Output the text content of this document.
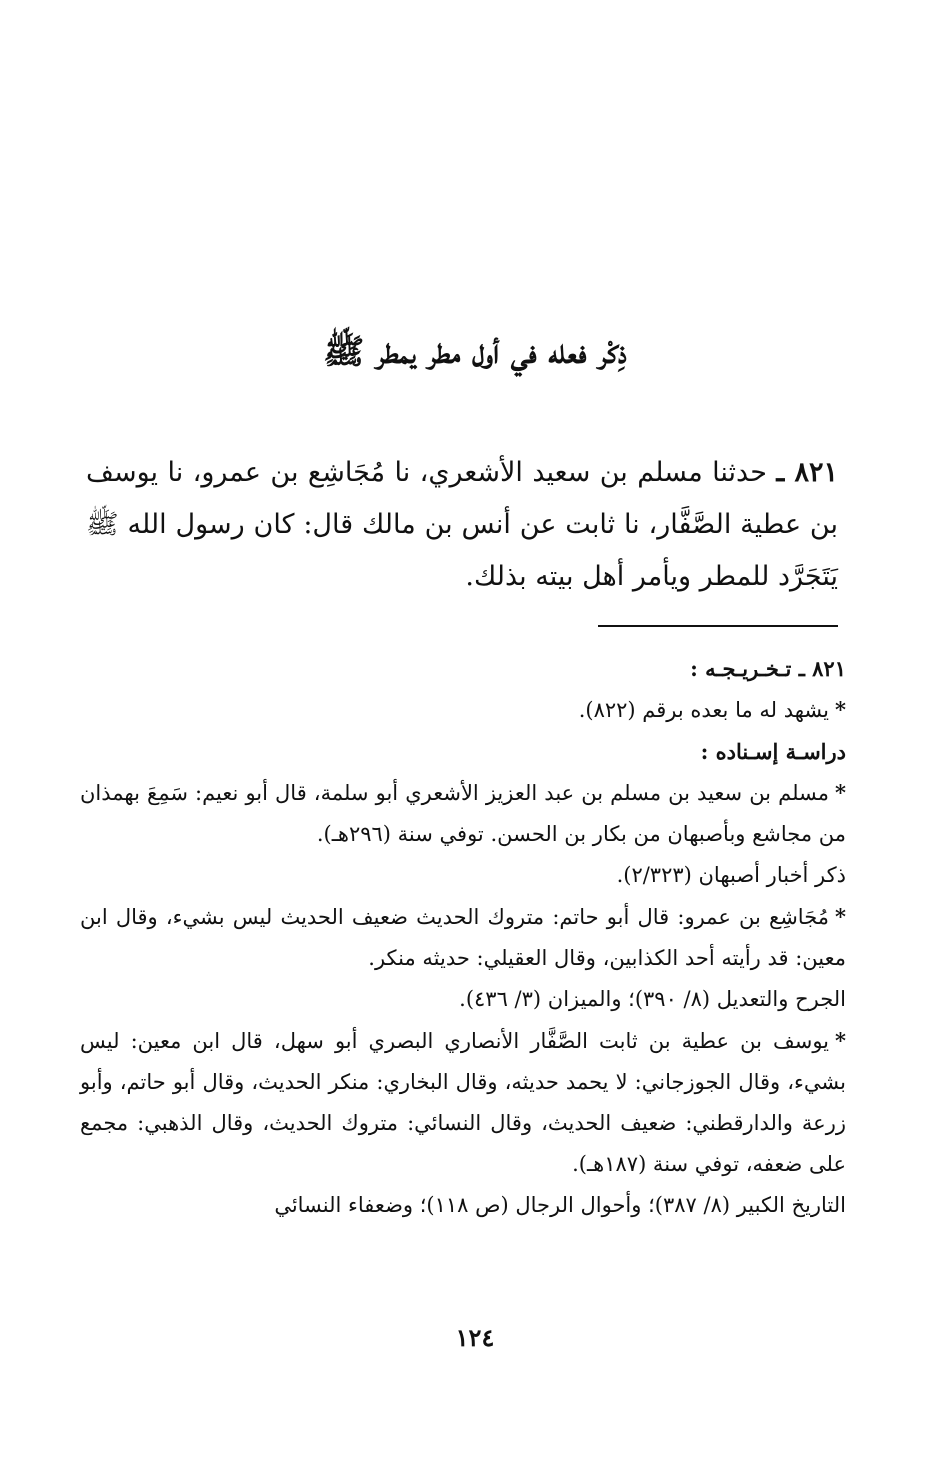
ذِكْر فعله في أول مطر يمطر ﷺ
٨٢١ ـ حدثنا مسلم بن سعيد الأشعري، نا مُجَاشِع بن عمرو، نا يوسف بن عطية الصَّفَّار، نا ثابت عن أنس بن مالك قال: كان رسول الله ﷺ يَتَجَرَّد للمطر ويأمر أهل بيته بذلك.

٨٢١ ـ تـخـريـجـه :

*يشهد له ما بعده برقم (٨٢٢).

دراسـة إسـناده :

*مسلم بن سعيد بن مسلم بن عبد العزيز الأشعري أبو سلمة، قال أبو نعيم: سَمِعَ بهمذان من مجاشع وبأصبهان من بكار بن الحسن. توفي سنة (٢٩٦هـ).

ذكر أخبار أصبهان (٢/٣٢٣).

*مُجَاشِع بن عمرو: قال أبو حاتم: متروك الحديث ضعيف الحديث ليس بشيء، وقال ابن معين: قد رأيته أحد الكذابين، وقال العقيلي: حديثه منكر.

الجرح والتعديل (٨/ ٣٩٠)؛ والميزان (٣/ ٤٣٦).

*يوسف بن عطية بن ثابت الصَّفَّار الأنصاري البصري أبو سهل، قال ابن معين: ليس بشيء، وقال الجوزجاني: لا يحمد حديثه، وقال البخاري: منكر الحديث، وقال أبو حاتم، وأبو زرعة والدارقطني: ضعيف الحديث، وقال النسائي: متروك الحديث، وقال الذهبي: مجمع على ضعفه، توفي سنة (١٨٧هـ).

التاريخ الكبير (٨/ ٣٨٧)؛ وأحوال الرجال (ص ١١٨)؛ وضعفاء النسائي

١٢٤
